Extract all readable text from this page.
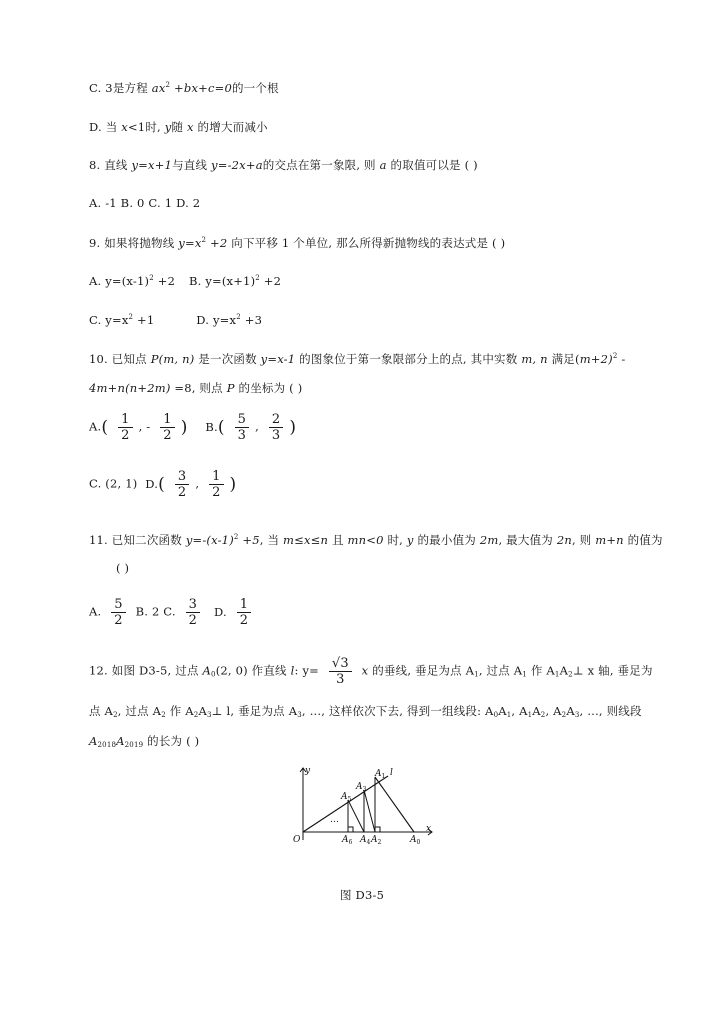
C. 3是方程 $ax^2 +bx+c=0$的一个根
D. 当 x<1时, y随 x 的增大而减小
8. 直线 y=x+1与直线 y=-2x+a的交点在第一象限, 则 a 的取值可以是 ( )
A. -1 B. 0 C. 1 D. 2
9. 如果将抛物线 $y=x^2 +2$ 向下平移 1 个单位, 那么所得新抛物线的表达式是 ( )
A. $y=(x-1)^2 +2$ B. $y=(x+1)^2 +2$
C. $y=x^2 +1$	D. $y=x^2 +3$
10. 已知点 P(m, n) 是一次函数 y=x-1 的图象位于第一象限部分上的点, 其中实数 m, n 满足$(m+2)^2$ -
4m+n(n+2m) =8, 则点 P 的坐标为 ( )
$A.( \frac{1}{2}$ , - $\frac{1}{2}$ ) $B.( \frac{5}{3}$ , $\frac{2}{3}$ )
C. (2, 1) $D.( \frac{3}{2}$ , $\frac{1}{2}$ )
11. 已知二次函数 $y=-(x-1)^2 +5$, 当 m≤x≤n 且 mn<0 时, y 的最小值为 2m, 最大值为 2n, 则 m+n 的值为
( )
A. $\frac{5}{2} B$. 2 C. $\frac{3}{2} D$. $\frac{1}{2}$
12. 如图 D3-5, 过点 $A_0(2$, 0) 作直线 l: $y= \frac{√3}{3}$ x 的垂线, 垂足为点 $A_1$, 过点 $A_1$ 作 $A_1A_2\perp$ x 轴, 垂足为
点 $A_2$, 过点 $A_2$ 作 $A_2A_3\perp$ l, 垂足为点 $A_3$, …, 这样依次下去, 得到一组线段: $A_0A_1$, $A_1A_2$, $A_2A_3$, …, 则线段
$A_{2018}A_{2019}$ 的长为 ( )
y
x
O
l
…
$A_1$
$A_3$
$A_5$
$A_6$ $A_4$ $A_2$	$A_0$
图 D3-5
